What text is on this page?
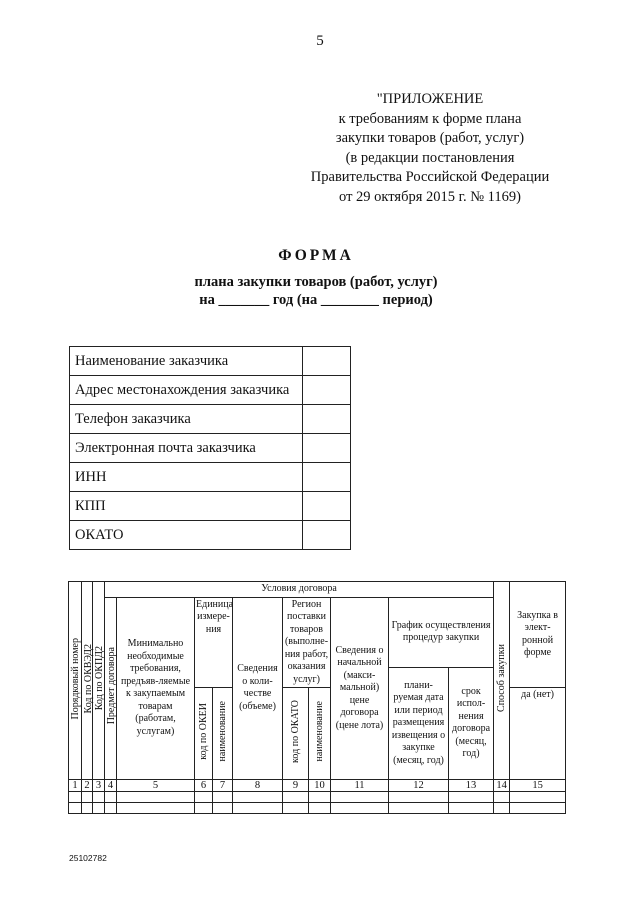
5
"ПРИЛОЖЕНИЕ
к требованиям к форме плана
закупки товаров (работ, услуг)
(в редакции постановления
Правительства Российской Федерации
от 29 октября 2015 г. № 1169)
ФОРМА
плана закупки товаров (работ, услуг)
на _______ год (на ________ период)
Наименование заказчика	
Адрес местонахождения заказчика	
Телефон заказчика	
Электронная почта заказчика	
ИНН	
КПП	
ОКАТО	
Порядковый номер	Код по ОКВЭД2	Код по ОКПД2	Условия договора										Способ закупки	Закупка в элект-ронной форме
			Предмет договора	Минимально необходимые требования, предъяв-ляемые к закупаемым товарам (работам, услугам)	Единица измере-ния		Сведения о коли-честве (объеме)	Регион поставки товаров (выполне-ния работ, оказания услуг)		Сведения о начальной (макси-мальной) цене договора (цене лота)	График осуществления процедур закупки			
											плани-руемая дата или период размещения извещения о закупке (месяц, год)	срок испол-нения договора (месяц, год)		
					код по ОКЕИ	наименование		код по ОКАТО	наименование					да (нет)
1	2	3	4	5	6	7	8	9	10	11	12	13	14	15

25102782
